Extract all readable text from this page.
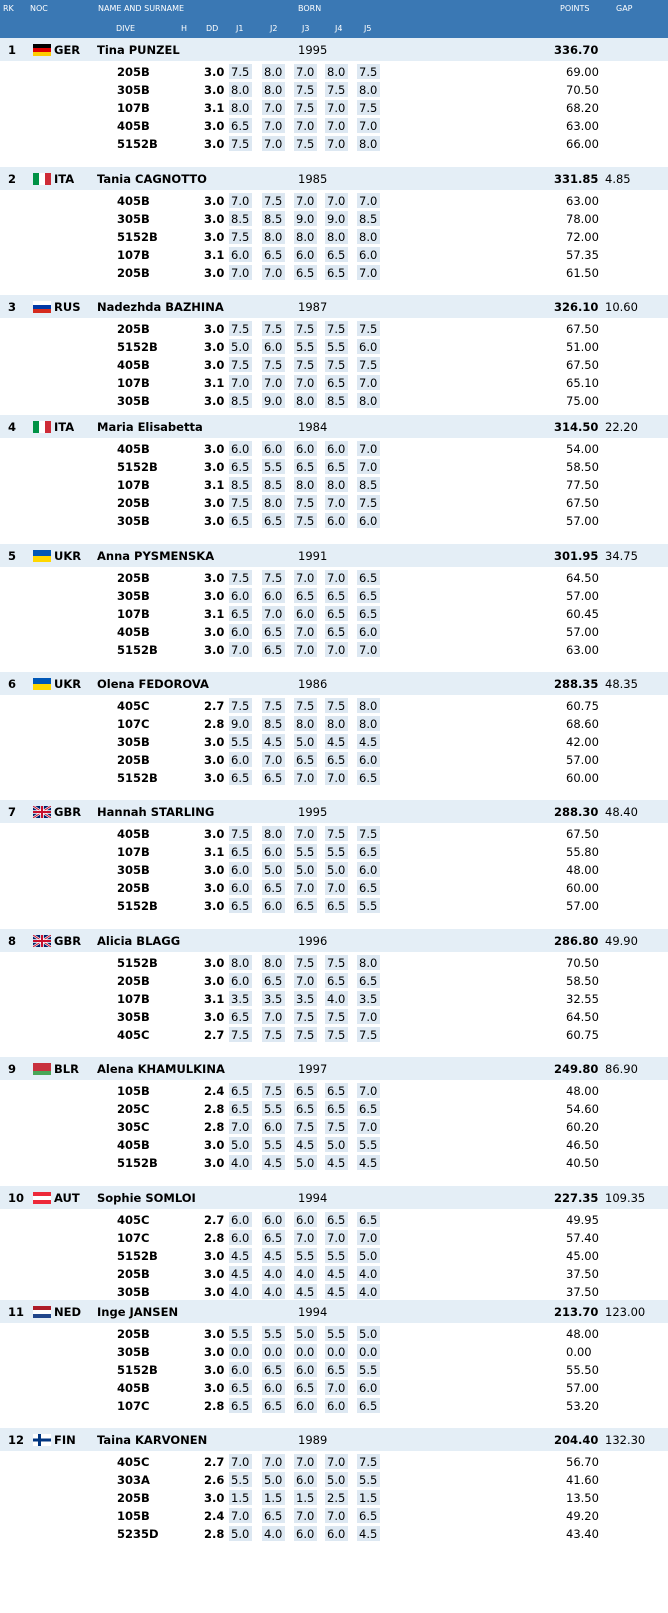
RK NOC	NAME AND SURNAME	BORN	POINTS	GAP
DIVE	H DD J1	J2	J3	J4	J5
1	GER Tina PUNZEL	1995	336.70
205B	3.0 7.5 8.0 7.0 8.0 7.5	69.00
305B	3.0 8.0 8.0 7.5 7.5 8.0	70.50
107B	3.1 8.0 7.0 7.5 7.0 7.5	68.20
405B	3.0 6.5 7.0 7.0 7.0 7.0	63.00
5152B	3.0 7.5 7.0 7.5 7.0 8.0	66.00
2	ITA Tania CAGNOTTO	1985	331.85 4.85
405B	3.0 7.0 7.5 7.0 7.0 7.0	63.00
305B	3.0 8.5 8.5 9.0 9.0 8.5	78.00
5152B	3.0 7.5 8.0 8.0 8.0 8.0	72.00
107B	3.1 6.0 6.5 6.0 6.5 6.0	57.35
205B	3.0 7.0 7.0 6.5 6.5 7.0	61.50
3	RUS Nadezhda BAZHINA	1987	326.10 10.60
205B	3.0 7.5 7.5 7.5 7.5 7.5	67.50
5152B	3.0 5.0 6.0 5.5 5.5 6.0	51.00
405B	3.0 7.5 7.5 7.5 7.5 7.5	67.50
107B	3.1 7.0 7.0 7.0 6.5 7.0	65.10
305B	3.0 8.5 9.0 8.0 8.5 8.0	75.00
4	ITA Maria Elisabetta	1984	314.50 22.20
405B	3.0 6.0 6.0 6.0 6.0 7.0	54.00
5152B	3.0 6.5 5.5 6.5 6.5 7.0	58.50
107B	3.1 8.5 8.5 8.0 8.0 8.5	77.50
205B	3.0 7.5 8.0 7.5 7.0 7.5	67.50
305B	3.0 6.5 6.5 7.5 6.0 6.0	57.00
5	UKR Anna PYSMENSKA	1991	301.95 34.75
205B	3.0 7.5 7.5 7.0 7.0 6.5	64.50
305B	3.0 6.0 6.0 6.5 6.5 6.5	57.00
107B	3.1 6.5 7.0 6.0 6.5 6.5	60.45
405B	3.0 6.0 6.5 7.0 6.5 6.0	57.00
5152B	3.0 7.0 6.5 7.0 7.0 7.0	63.00
6	UKR Olena FEDOROVA	1986	288.35 48.35
405C	2.7 7.5 7.5 7.5 7.5 8.0	60.75
107C	2.8 9.0 8.5 8.0 8.0 8.0	68.60
305B	3.0 5.5 4.5 5.0 4.5 4.5	42.00
205B	3.0 6.0 7.0 6.5 6.5 6.0	57.00
5152B	3.0 6.5 6.5 7.0 7.0 6.5	60.00
7	GBR Hannah STARLING	1995	288.30 48.40
405B	3.0 7.5 8.0 7.0 7.5 7.5	67.50
107B	3.1 6.5 6.0 5.5 5.5 6.5	55.80
305B	3.0 6.0 5.0 5.0 5.0 6.0	48.00
205B	3.0 6.0 6.5 7.0 7.0 6.5	60.00
5152B	3.0 6.5 6.0 6.5 6.5 5.5	57.00
8	GBR Alicia BLAGG	1996	286.80 49.90
5152B	3.0 8.0 8.0 7.5 7.5 8.0	70.50
205B	3.0 6.0 6.5 7.0 6.5 6.5	58.50
107B	3.1 3.5 3.5 3.5 4.0 3.5	32.55
305B	3.0 6.5 7.0 7.5 7.5 7.0	64.50
405C	2.7 7.5 7.5 7.5 7.5 7.5	60.75
9	BLR Alena KHAMULKINA	1997	249.80 86.90
105B	2.4 6.5 7.5 6.5 6.5 7.0	48.00
205C	2.8 6.5 5.5 6.5 6.5 6.5	54.60
305C	2.8 7.0 6.0 7.5 7.5 7.0	60.20
405B	3.0 5.0 5.5 4.5 5.0 5.5	46.50
5152B	3.0 4.0 4.5 5.0 4.5 4.5	40.50
10	AUT Sophie SOMLOI	1994	227.35 109.35
405C	2.7 6.0 6.0 6.0 6.5 6.5	49.95
107C	2.8 6.0 6.5 7.0 7.0 7.0	57.40
5152B	3.0 4.5 4.5 5.5 5.5 5.0	45.00
205B	3.0 4.5 4.0 4.0 4.5 4.0	37.50
305B	3.0 4.0 4.0 4.5 4.5 4.0	37.50
11	NED Inge JANSEN	1994	213.70 123.00
205B	3.0 5.5 5.5 5.0 5.5 5.0	48.00
305B	3.0 0.0 0.0 0.0 0.0 0.0	0.00
5152B	3.0 6.0 6.5 6.0 6.5 5.5	55.50
405B	3.0 6.5 6.0 6.5 7.0 6.0	57.00
107C	2.8 6.5 6.5 6.0 6.0 6.5	53.20
12	FIN Taina KARVONEN	1989	204.40 132.30
405C	2.7 7.0 7.0 7.0 7.0 7.5	56.70
303A	2.6 5.5 5.0 6.0 5.0 5.5	41.60
205B	3.0 1.5 1.5 1.5 2.5 1.5	13.50
105B	2.4 7.0 6.5 7.0 7.0 6.5	49.20
5235D	2.8 5.0 4.0 6.0 6.0 4.5	43.40
